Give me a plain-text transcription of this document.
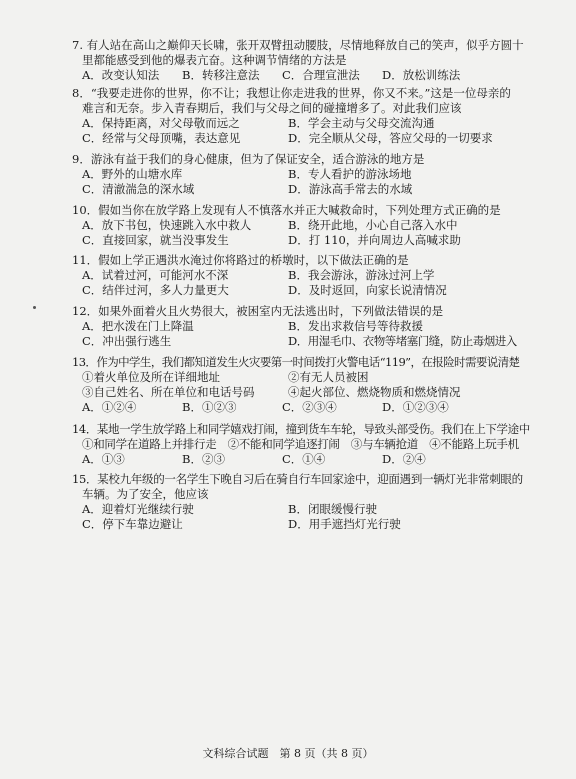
7. 有人站在高山之巅仰天长啸，张开双臂扭动腰肢，尽情地释放自己的笑声，似乎方圆十

里都能感受到他的爆表亢奋。这种调节情绪的方法是

A．改变认知法	B．转移注意法	C．合理宣泄法	D．放松训练法

8．“我要走进你的世界，你不让；我想让你走进我的世界，你又不来。”这是一位母亲的

难言和无奈。步入青春期后，我们与父母之间的碰撞增多了。对此我们应该

A．保持距离，对父母敬而远之	B．学会主动与父母交流沟通
C．经常与父母顶嘴，表达意见	D．完全顺从父母，答应父母的一切要求

9．游泳有益于我们的身心健康，但为了保证安全，适合游泳的地方是

A．野外的山塘水库	B．专人看护的游泳场地
C．清澈湍急的深水域	D．游泳高手常去的水域

10．假如当你在放学路上发现有人不慎落水并正大喊救命时，下列处理方式正确的是

A．放下书包，快速跳入水中救人	B．绕开此地，小心自己落入水中
C．直接回家，就当没事发生	D．打 110，并向周边人高喊求助

11．假如上学正遇洪水淹过你将路过的桥墩时，以下做法正确的是

A．试着过河，可能河水不深	B．我会游泳，游泳过河上学
C．结伴过河，多人力量更大	D．及时返回，向家长说清情况

12．如果外面着火且火势很大，被困室内无法逃出时，下列做法错误的是

A．把水泼在门上降温	B．发出求救信号等待救援
C．冲出强行逃生	D．用湿毛巾、衣物等堵塞门缝，防止毒烟进入

13．作为中学生，我们都知道发生火灾要第一时间拨打火警电话“119”，在报险时需要说清楚

①着火单位及所在详细地址	②有无人员被困
③自己姓名、所在单位和电话号码	④起火部位、燃烧物质和燃烧情况
A．①②④	B．①②③	C．②③④	D．①②③④

14．某地一学生放学路上和同学嬉戏打闹，撞到货车车轮，导致头部受伤。我们在上下学途中

①和同学在道路上并排行走　②不能和同学追逐打闹　③与车辆抢道　④不能路上玩手机

A．①③	B．②③	C．①④	D．②④

15．某校九年级的一名学生下晚自习后在骑自行车回家途中，迎面遇到一辆灯光非常刺眼的

车辆。为了安全，他应该

A．迎着灯光继续行驶	B．闭眼缓慢行驶
C．停下车靠边避让	D．用手遮挡灯光行驶
文科综合试题　第 8 页（共 8 页）
